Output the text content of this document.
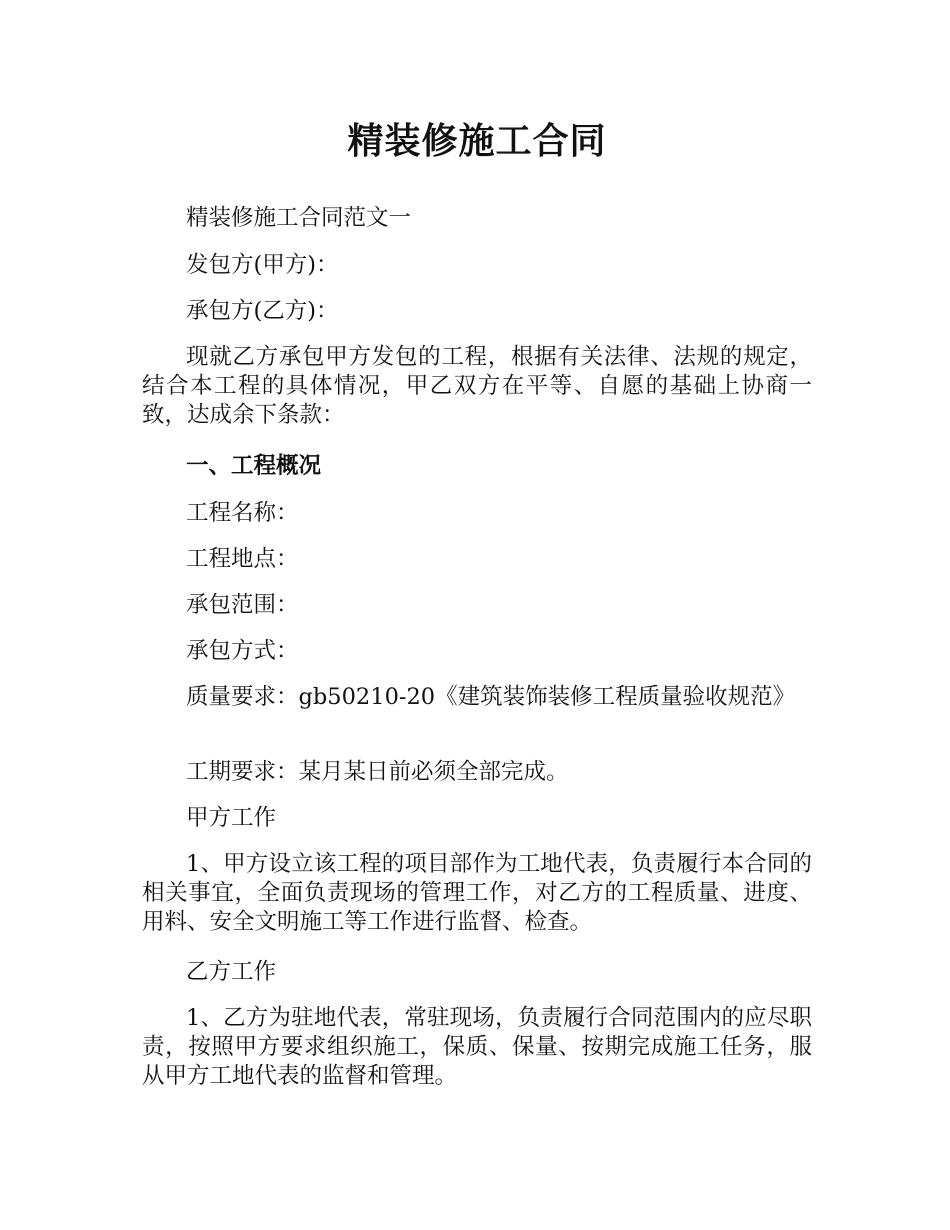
精装修施工合同

精装修施工合同范文一

发包方(甲方)：

承包方(乙方)：

现就乙方承包甲方发包的工程，根据有关法律、法规的规定，结合本工程的具体情况，甲乙双方在平等、自愿的基础上协商一致，达成余下条款：

一、工程概况

工程名称：

工程地点：

承包范围：

承包方式：

质量要求：gb50210-20《建筑装饰装修工程质量验收规范》

工期要求：某月某日前必须全部完成。

甲方工作

1、甲方设立该工程的项目部作为工地代表，负责履行本合同的相关事宜，全面负责现场的管理工作，对乙方的工程质量、进度、用料、安全文明施工等工作进行监督、检查。

乙方工作

1、乙方为驻地代表，常驻现场，负责履行合同范围内的应尽职责，按照甲方要求组织施工，保质、保量、按期完成施工任务，服从甲方工地代表的监督和管理。
